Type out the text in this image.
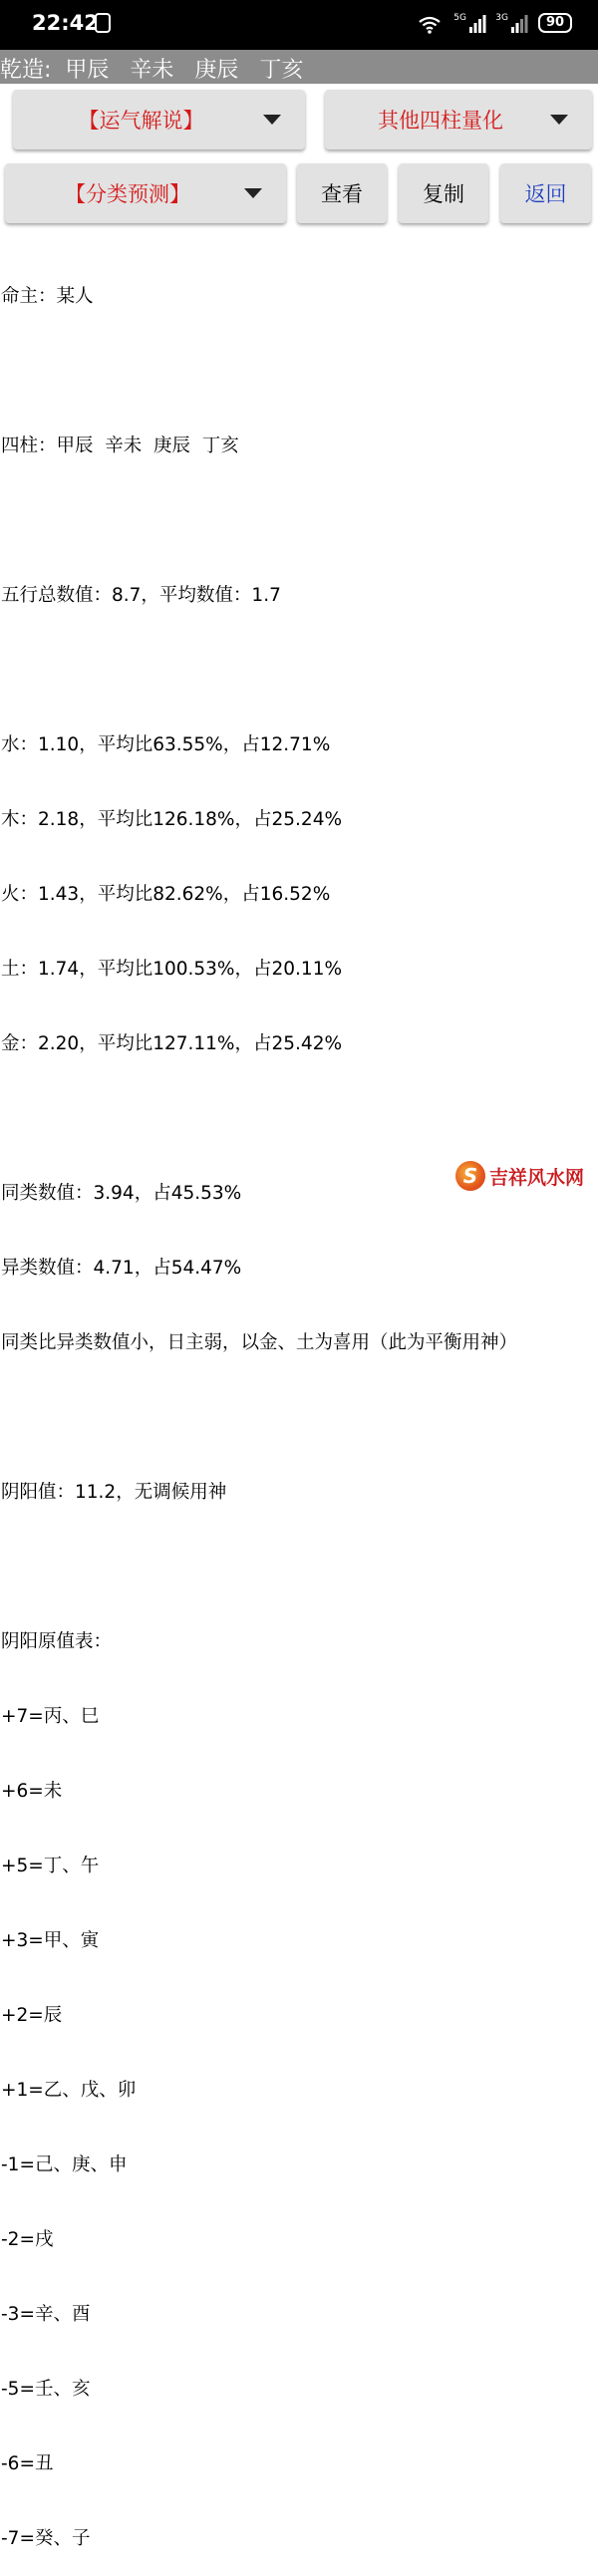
22:42	5G	3G	90
乾造:  甲辰   辛未   庚辰   丁亥
【运气解说】	其他四柱量化
【分类预测】	查看	复制	返回

命主：某人

四柱：甲辰  辛未  庚辰  丁亥

五行总数值：8.7，平均数值：1.7

水：1.10，平均比63.55%，占12.71%

木：2.18，平均比126.18%，占25.24%

火：1.43，平均比82.62%，占16.52%

土：1.74，平均比100.53%，占20.11%

金：2.20，平均比127.11%，占25.42%

同类数值：3.94，占45.53%

异类数值：4.71，占54.47%

同类比异类数值小，日主弱，以金、土为喜用（此为平衡用神）

阴阳值：11.2，无调候用神

阴阳原值表：

+7=丙、巳

+6=未

+5=丁、午

+3=甲、寅

+2=辰

+1=乙、戊、卯

-1=己、庚、申

-2=戌

-3=辛、酉

-5=壬、亥

-6=丑

-7=癸、子

S 吉祥风水网
